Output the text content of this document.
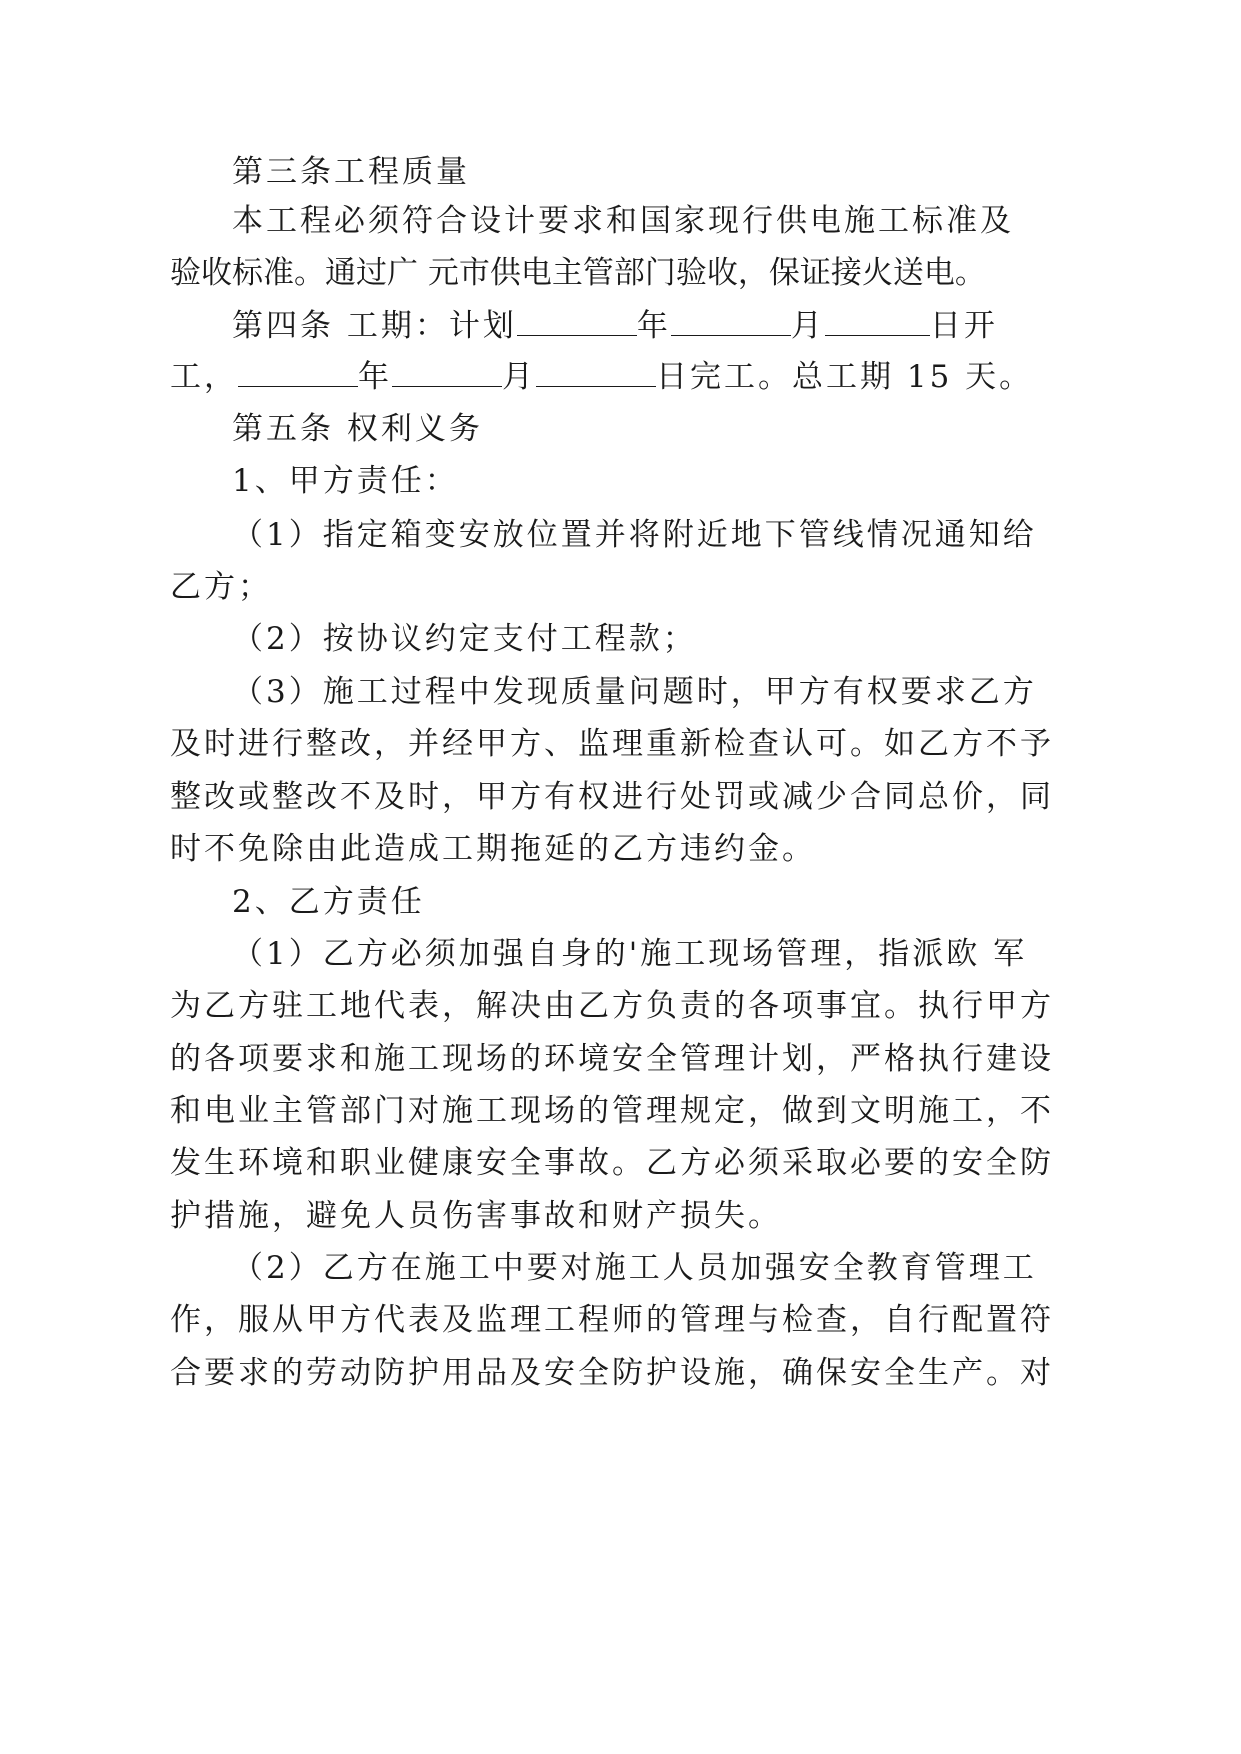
第三条工程质量
本工程必须符合设计要求和国家现行供电施工标准及
验收标准。通过广 元市供电主管部门验收，保证接火送电。
第四条 工期：计划	年	月	日开
工，	年	月	日完工。总工期 15 天。
第五条 权利义务
1、甲方责任：
（1）指定箱变安放位置并将附近地下管线情况通知给
乙方；
（2）按协议约定支付工程款；
（3）施工过程中发现质量问题时，甲方有权要求乙方
及时进行整改，并经甲方、监理重新检查认可。如乙方不予
整改或整改不及时，甲方有权进行处罚或减少合同总价，同
时不免除由此造成工期拖延的乙方违约金。
2、乙方责任
（1）乙方必须加强自身的'施工现场管理，指派欧 军
为乙方驻工地代表，解决由乙方负责的各项事宜。执行甲方
的各项要求和施工现场的环境安全管理计划，严格执行建设
和电业主管部门对施工现场的管理规定，做到文明施工，不
发生环境和职业健康安全事故。乙方必须采取必要的安全防
护措施，避免人员伤害事故和财产损失。
（2）乙方在施工中要对施工人员加强安全教育管理工
作，服从甲方代表及监理工程师的管理与检查，自行配置符
合要求的劳动防护用品及安全防护设施，确保安全生产。对
